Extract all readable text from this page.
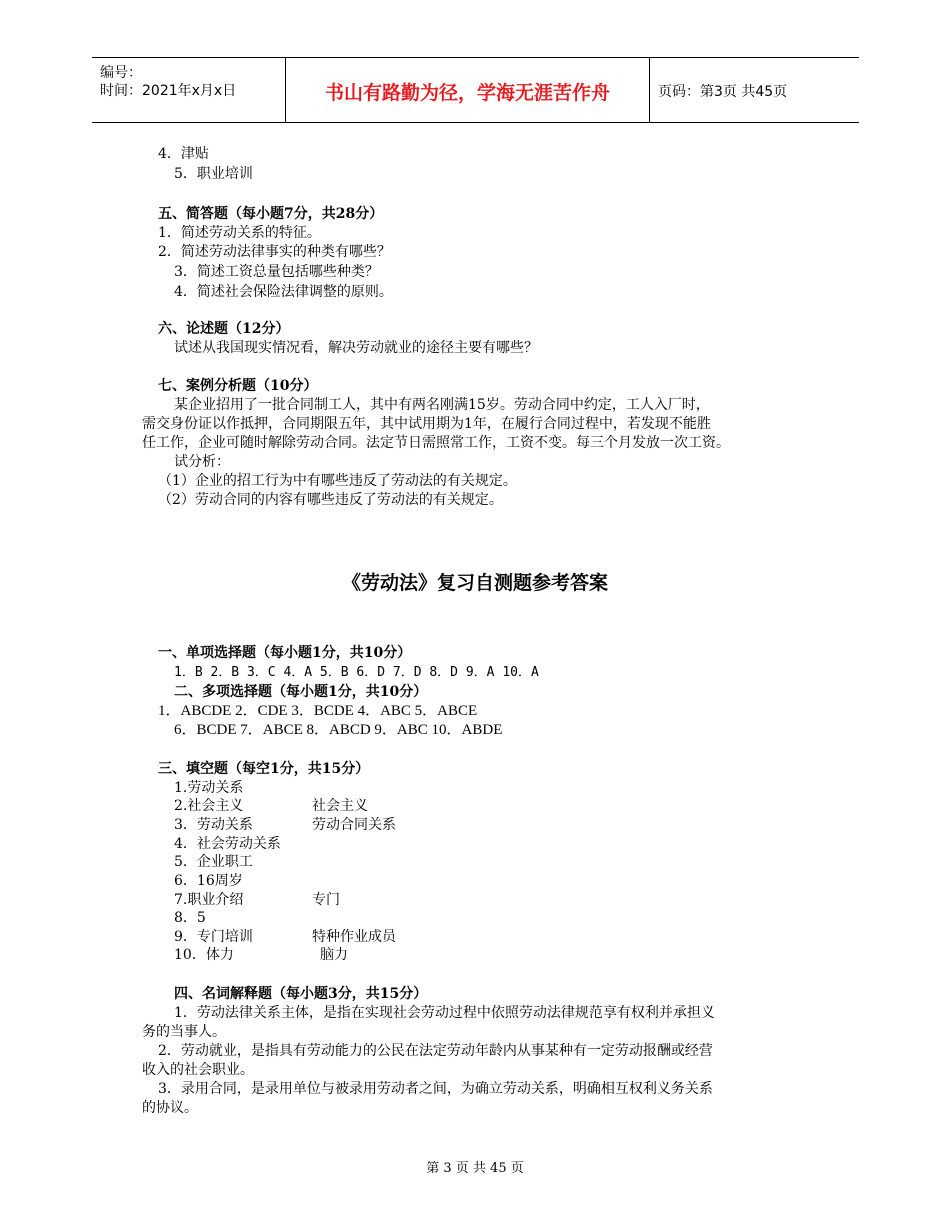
编号：
时间：2021年x月x日	书山有路勤为径，学海无涯苦作舟	页码：第3页 共45页
4．津贴
5．职业培训
五、简答题（每小题7分，共28分）
1．简述劳动关系的特征。
2．简述劳动法律事实的种类有哪些？
3．简述工资总量包括哪些种类？
4．简述社会保险法律调整的原则。
六、论述题（12分）
试述从我国现实情况看，解决劳动就业的途径主要有哪些？
七、案例分析题（10分）
某企业招用了一批合同制工人，其中有两名刚满15岁。劳动合同中约定，工人入厂时，
需交身份证以作抵押，合同期限五年，其中试用期为1年，在履行合同过程中，若发现不能胜
任工作，企业可随时解除劳动合同。法定节日需照常工作，工资不变。每三个月发放一次工资。
试分析：
（1）企业的招工行为中有哪些违反了劳动法的有关规定。
（2）劳动合同的内容有哪些违反了劳动法的有关规定。
《劳动法》复习自测题参考答案
一、单项选择题（每小题1分，共10分）
1．B 2．B 3．C 4．A 5．B 6．D 7．D 8．D 9．A 10．A
二、多项选择题（每小题1分，共10分）
1．ABCDE 2．CDE 3．BCDE 4．ABC 5．ABCE
6．BCDE 7．ABCE 8．ABCD 9．ABC 10．ABDE
三、填空题（每空1分，共15分）
1.劳动关系
2.社会主义	社会主义
3．劳动关系	劳动合同关系
4．社会劳动关系
5．企业职工
6．16周岁
7.职业介绍	专门
8．5
9．专门培训	特种作业成员
10．体力	脑力
四、名词解释题（每小题3分，共15分）
1．劳动法律关系主体，是指在实现社会劳动过程中依照劳动法律规范享有权利并承担义
务的当事人。
2．劳动就业，是指具有劳动能力的公民在法定劳动年龄内从事某种有一定劳动报酬或经营
收入的社会职业。
3．录用合同，是录用单位与被录用劳动者之间，为确立劳动关系，明确相互权利义务关系
的协议。
第 3 页 共 45 页
